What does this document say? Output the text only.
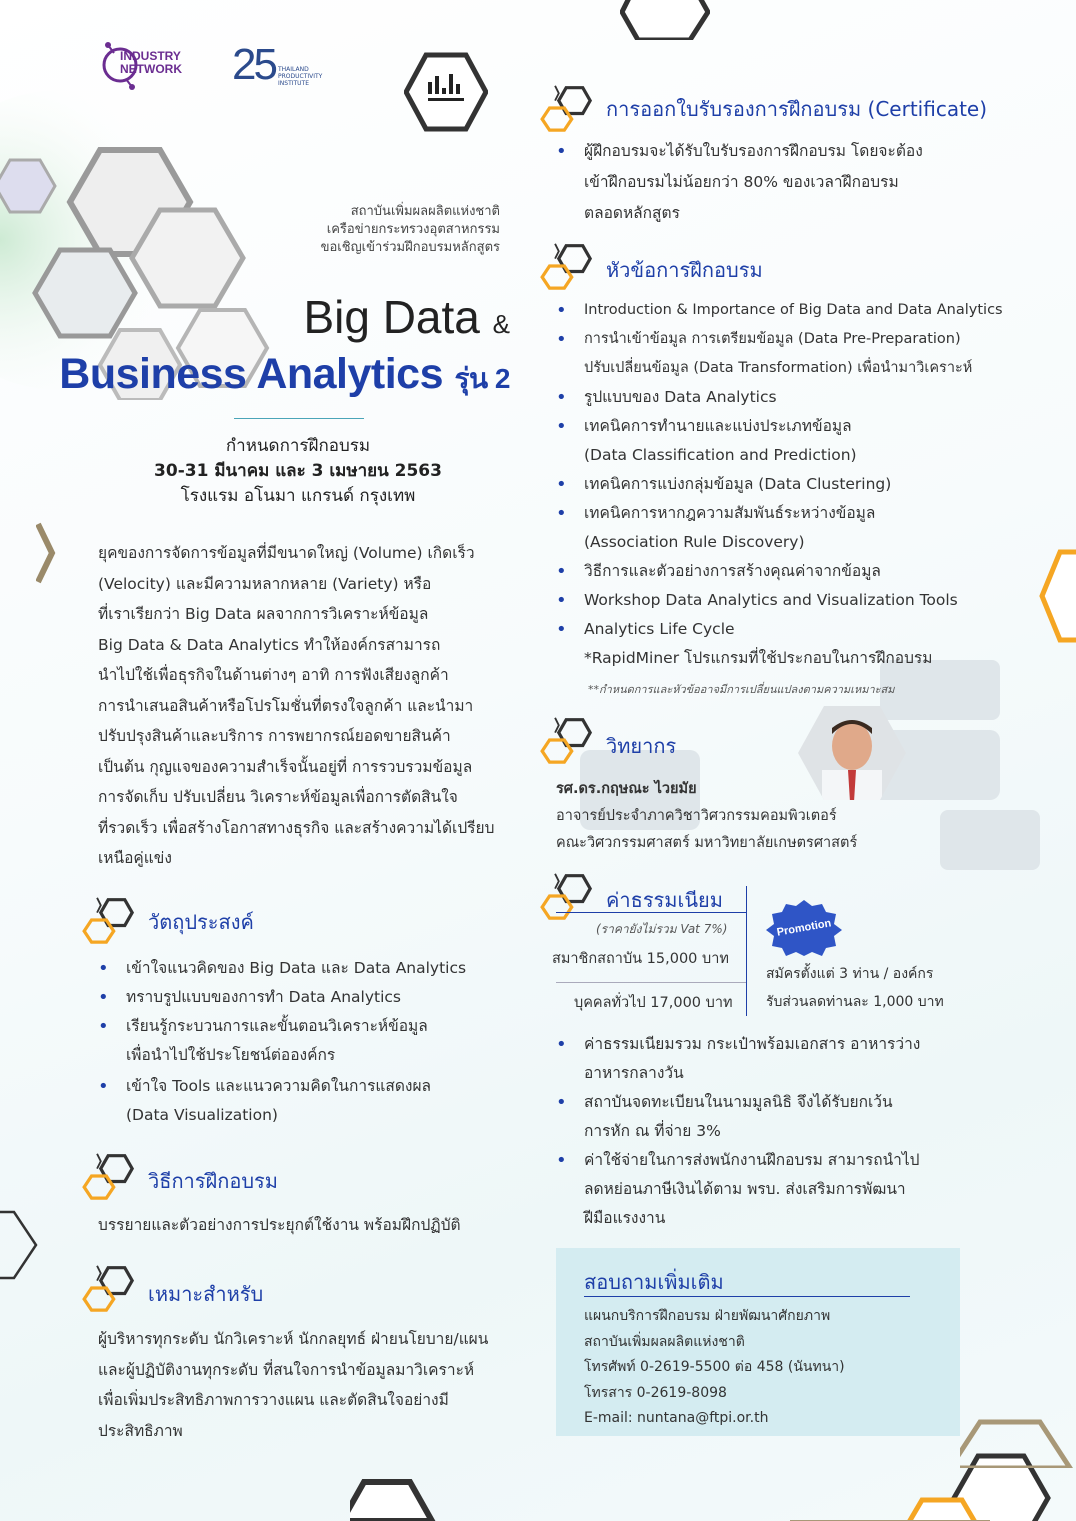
INDUSTRY
NETWORK 25 THAILAND PRODUCTIVITY INSTITUTE
สถาบันเพิ่มผลผลิตแห่งชาติ
เครือข่ายกระทรวงอุตสาหกรรม
ขอเชิญเข้าร่วมฝึกอบรมหลักสูตร
Big Data &
Business Analytics รุ่น 2
กำหนดการฝึกอบรม
30-31 มีนาคม และ 3 เมษายน 2563
โรงแรม อโนมา แกรนด์ กรุงเทพ
ยุคของการจัดการข้อมูลที่มีขนาดใหญ่ (Volume) เกิดเร็ว
(Velocity) และมีความหลากหลาย (Variety) หรือ
ที่เราเรียกว่า Big Data ผลจากการวิเคราะห์ข้อมูล
Big Data & Data Analytics ทำให้องค์กรสามารถ
นำไปใช้เพื่อธุรกิจในด้านต่างๆ อาทิ การฟังเสียงลูกค้า
การนำเสนอสินค้าหรือโปรโมชั่นที่ตรงใจลูกค้า และนำมา
ปรับปรุงสินค้าและบริการ การพยากรณ์ยอดขายสินค้า
เป็นต้น กุญแจของความสำเร็จนั้นอยู่ที่ การรวบรวมข้อมูล
การจัดเก็บ ปรับเปลี่ยน วิเคราะห์ข้อมูลเพื่อการตัดสินใจ
ที่รวดเร็ว เพื่อสร้างโอกาสทางธุรกิจ และสร้างความได้เปรียบ
เหนือคู่แข่ง
วัตถุประสงค์
• เข้าใจแนวคิดของ Big Data และ Data Analytics
• ทราบรูปแบบของการทำ Data Analytics
• เรียนรู้กระบวนการและขั้นตอนวิเคราะห์ข้อมูล
เพื่อนำไปใช้ประโยชน์ต่อองค์กร
• เข้าใจ Tools และแนวความคิดในการแสดงผล
(Data Visualization)
วิธีการฝึกอบรม
บรรยายและตัวอย่างการประยุกต์ใช้งาน พร้อมฝึกปฏิบัติ
เหมาะสำหรับ
ผู้บริหารทุกระดับ นักวิเคราะห์ นักกลยุทธ์ ฝ่ายนโยบาย/แผน
และผู้ปฏิบัติงานทุกระดับ ที่สนใจการนำข้อมูลมาวิเคราะห์
เพื่อเพิ่มประสิทธิภาพการวางแผน และตัดสินใจอย่างมี
ประสิทธิภาพ
การออกใบรับรองการฝึกอบรม (Certificate)
• ผู้ฝึกอบรมจะได้รับใบรับรองการฝึกอบรม โดยจะต้อง
เข้าฝึกอบรมไม่น้อยกว่า 80% ของเวลาฝึกอบรม
ตลอดหลักสูตร
หัวข้อการฝึกอบรม
• Introduction & Importance of Big Data and Data Analytics
• การนำเข้าข้อมูล การเตรียมข้อมูล (Data Pre-Preparation)
ปรับเปลี่ยนข้อมูล (Data Transformation) เพื่อนำมาวิเคราะห์
• รูปแบบของ Data Analytics
• เทคนิคการทำนายและแบ่งประเภทข้อมูล
(Data Classification and Prediction)
• เทคนิคการแบ่งกลุ่มข้อมูล (Data Clustering)
• เทคนิคการหากฎความสัมพันธ์ระหว่างข้อมูล
(Association Rule Discovery)
• วิธีการและตัวอย่างการสร้างคุณค่าจากข้อมูล
• Workshop Data Analytics and Visualization Tools
• Analytics Life Cycle
*RapidMiner โปรแกรมที่ใช้ประกอบในการฝึกอบรม
**กำหนดการและหัวข้ออาจมีการเปลี่ยนแปลงตามความเหมาะสม
วิทยากร
รศ.ดร.กฤษณะ ไวยมัย
อาจารย์ประจำภาควิชาวิศวกรรมคอมพิวเตอร์
คณะวิศวกรรมศาสตร์ มหาวิทยาลัยเกษตรศาสตร์
ค่าธรรมเนียม
(ราคายังไม่รวม Vat 7%)
สมาชิกสถาบัน 15,000 บาท
บุคคลทั่วไป 17,000 บาท
Promotion
สมัครตั้งแต่ 3 ท่าน / องค์กร
รับส่วนลดท่านละ 1,000 บาท
• ค่าธรรมเนียมรวม กระเป๋าพร้อมเอกสาร อาหารว่าง
อาหารกลางวัน
• สถาบันจดทะเบียนในนามมูลนิธิ จึงได้รับยกเว้น
การหัก ณ ที่จ่าย 3%
• ค่าใช้จ่ายในการส่งพนักงานฝึกอบรม สามารถนำไป
ลดหย่อนภาษีเงินได้ตาม พรบ. ส่งเสริมการพัฒนา
ฝีมือแรงงาน
สอบถามเพิ่มเติม
แผนกบริการฝึกอบรม ฝ่ายพัฒนาศักยภาพ
สถาบันเพิ่มผลผลิตแห่งชาติ
โทรศัพท์ 0-2619-5500 ต่อ 458 (นันทนา)
โทรสาร 0-2619-8098
E-mail: nuntana@ftpi.or.th
